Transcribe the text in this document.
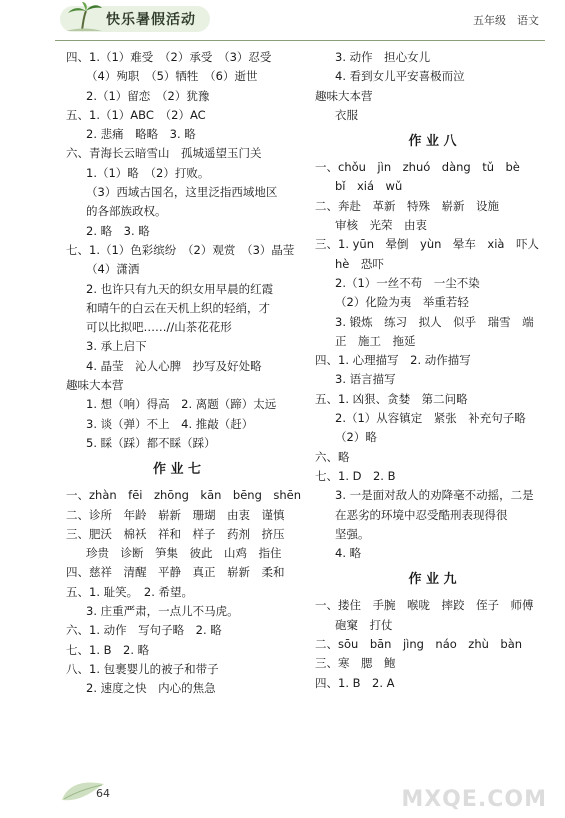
快乐暑假活动	五年级　语文
四、1.（1）难受　（2）承受　（3）忍受
（4）殉职　（5）牺牲　（6）逝世
2.（1）留恋　（2）犹豫
五、1.（1）ABC　（2）AC
2. 悲痛　略略　3. 略
六、青海长云暗雪山　孤城遥望玉门关
1.（1）略　（2）打败。
（3）西域古国名，这里泛指西域地区
的各部族政权。
2. 略　3. 略
七、1.（1）色彩缤纷　（2）观赏　（3）晶莹
（4）潇洒
2. 也许只有九天的织女用早晨的红霞
和晴午的白云在天机上织的轻绡，才
可以比拟吧……//山茶花花形
3. 承上启下
4. 晶莹　沁人心脾　抄写及好处略
趣味大本营
1. 想（响）得高　2. 离题（蹄）太远
3. 谈（弹）不上　4. 推敲（赶）
5. 睬（踩）都不睬（踩）
作 业 七
一、zhàn　fēi　zhōng　kān　bēng　shēn
二、诊所　年龄　崭新　珊瑚　由衷　谨慎
三、肥沃　棉袄　祥和　样子　药剂　挤压
珍贵　诊断　笋集　彼此　山鸡　指住
四、慈祥　清醒　平静　真正　崭新　柔和
五、1. 耻笑。　2. 希望。
3. 庄重严肃，一点儿不马虎。
六、1. 动作　写句子略　2. 略
七、1. B　2. 略
八、1. 包裹婴儿的被子和带子
2. 速度之快　内心的焦急
3. 动作　担心女儿
4. 看到女儿平安喜极而泣
趣味大本营
衣服
作 业 八
一、chǒu　jìn　zhuó　dàng　tǔ　bè
bǐ　xiá　wǔ
二、奔赴　革新　特殊　崭新　设施
审核　光荣　由衷
三、1. yūn　晕倒　yùn　晕车　xià　吓人
hè　恐吓
2.（1）一丝不苟　一尘不染
（2）化险为夷　举重若轻
3. 锻炼　练习　拟人　似乎　瑞雪　端
正　施工　拖延
四、1. 心理描写　2. 动作描写
3. 语言描写
五、1. 凶狠、贪婪　第二问略
2.（1）从容镇定　紧张　补充句子略
（2）略
六、略
七、1. D　2. B
3. 一是面对敌人的劝降毫不动摇，二是
在恶劣的环境中忍受酷刑表现得很
坚强。
4. 略
作 业 九
一、搂住　手腕　喉咙　摔跤　侄子　师傅
砲窠　打仗
二、sōu　bān　jìng　náo　zhù　bàn
三、寒　腮　鲍　　
四、1. B　2. A
64	MXQE.COM
